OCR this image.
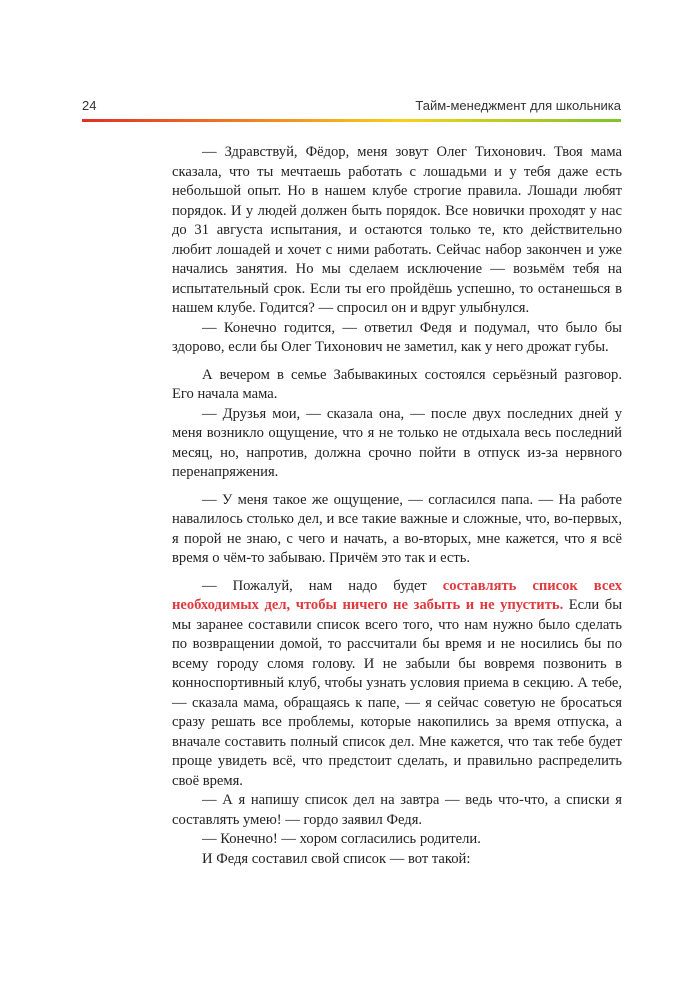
24	Тайм-менеджмент для школьника

— Здравствуй, Фёдор, меня зовут Олег Тихонович. Твоя мама сказала, что ты мечтаешь работать с лошадьми и у тебя даже есть небольшой опыт. Но в нашем клубе строгие правила. Лошади любят порядок. И у людей должен быть порядок. Все новички проходят у нас до 31 августа испытания, и остаются только те, кто действительно любит лошадей и хочет с ними работать. Сейчас набор закончен и уже начались занятия. Но мы сделаем исключение — возьмём тебя на испытательный срок. Если ты его пройдёшь успешно, то останешься в нашем клубе. Годится? — спросил он и вдруг улыбнулся.

— Конечно годится, — ответил Федя и подумал, что было бы здорово, если бы Олег Тихонович не заметил, как у него дрожат губы.

А вечером в семье Забывакиных состоялся серьёзный разговор. Его начала мама.

— Друзья мои, — сказала она, — после двух последних дней у меня возникло ощущение, что я не только не отдыхала весь последний месяц, но, напротив, должна срочно пойти в отпуск из-за нервного перенапряжения.

— У меня такое же ощущение, — согласился папа. — На работе навалилось столько дел, и все такие важные и сложные, что, во-первых, я порой не знаю, с чего и начать, а во-вторых, мне кажется, что я всё время о чём-то забываю. Причём это так и есть.

— Пожалуй, нам надо будет составлять список всех необходимых дел, чтобы ничего не забыть и не упустить. Если бы мы заранее составили список всего того, что нам нужно было сделать по возвращении домой, то рассчитали бы время и не носились бы по всему городу сломя голову. И не забыли бы вовремя позвонить в конноспортивный клуб, чтобы узнать условия приема в секцию. А тебе, — сказала мама, обращаясь к папе, — я сейчас советую не бросаться сразу решать все проблемы, которые накопились за время отпуска, а вначале составить полный список дел. Мне кажется, что так тебе будет проще увидеть всё, что предстоит сделать, и правильно распределить своё время.

— А я напишу список дел на завтра — ведь что-что, а списки я составлять умею! — гордо заявил Федя.

— Конечно! — хором согласились родители.

И Федя составил свой список — вот такой:
